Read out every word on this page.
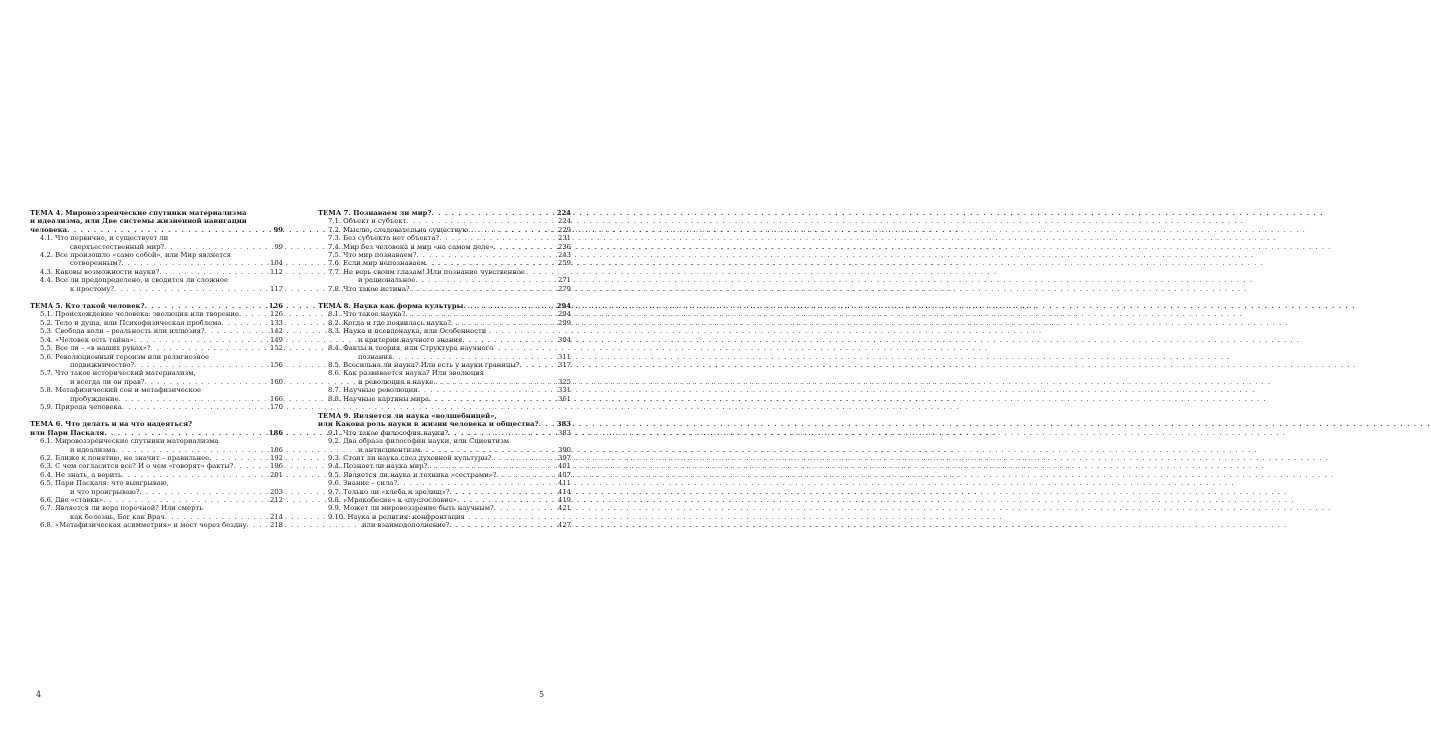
ТЕМА 4. Мировоззренческие спутники материализма
и идеализма, или Две системы жизненной навигации
человека . . .	99
4.1. Что первично, и существует ли
сверхъестественный мир? . . .	99
4.2. Все произошло «само собой», или Мир является
сотворенным? . . .	104
4.3. Каковы возможности науки? . . .	112
4.4. Все ли предопределено, и сводится ли сложное
к простому? . . .	117
ТЕМА 5. Кто такой человек? . . .	126
5.1. Происхождение человека: эволюция или творение . . .	126
5.2. Тело и душа, или Психофизическая проблема . . .	133
5.3. Свобода воли – реальность или иллюзия? . . .	142
5.4. «Человек есть тайна» . . .	149
5.5. Все ли – «в наших руках»? . . .	152
5.6. Революционный героизм или религиозное
подвижничество? . . .	156
5.7. Что такое исторический материализм,
и всегда ли он прав? . . .	160
5.8. Метафизический сон и метафизическое
пробуждение . . .	166
5.9. Природа человека . . .	170
ТЕМА 6. Что делать и на что надеяться?
или Пари Паскаля . . .	186
6.1. Мировоззренческие спутники материализма
и идеализма . . .	186
6.2. Ближе к понятию, не значит – правильнее . . .	192
6.3. С чем согласится все? И о чем «говорят» факты? . . .	196
6.4. Не знать, а верить . . .	201
6.5. Пари Паскаля: что выигрываю,
и что проигрываю? . . .	203
6.6. Две «ставки» . . .	212
6.7. Является ли вера порочной? Или смерть
как болезнь, Бог как Врач . . .	214
6.8. «Метафизическая асимметрия» и мост через бездну . . .	218
ТЕМА 7. Познаваем ли мир? . . .	224
7.1. Объект и субъект . . .	224
7.2. Мыслю, следовательно существую . . .	229
7.3. Без субъекта нет объекта? . . .	231
7.4. Мир без человека и мир «на самом деле» . . .	236
7.5. Что мир познаваем? . . .	243
7.6. Если мир непознаваем . . .	259
7.7. Не верь своим глазам! Или познание чувственное
и рациональное . . .	271
7.8. Что такое истина? . . .	279
ТЕМА 8. Наука как форма культуры . . .	294
8.1. Что такое наука? . . .	294
8.2. Когда и где появилась наука? . . .	299
8.3. Наука и псевдонаука, или Особенности
и критерии научного знания . . .	304
8.4. Факты и теория, или Структура научного
познания . . .	311
8.5. Всесильна ли наука? Или есть у науки границы? . . .	317
8.6. Как развивается наука? Или эволюция
и революция в науке . . .	325
8.7. Научные революции . . .	331
8.8. Научные картины мира . . .	361
ТЕМА 9. Является ли наука «волшебницей»,
или Какова роль науки в жизни человека и общества? . . .	383
9.1. Что такое философия науки? . . .	383
9.2. Два образа философии науки, или Сциентизм
и антисциентизм . . .	390
9.3. Стоит ли наука слез духовной культуры? . . .	397
9.4. Познает ли наука мир? . . .	401
9.5. Является ли наука и техника «сестрами»? . . .	407
9.6. Знание – сила? . . .	411
9.7. Только ли «хлеба и зрелищ»? . . .	414
9.8. «Мракобесие» в «пустословие» . . .	419
9.9. Может ли мировоззрение быть научным? . . .	421
9.10. Наука и религия: конфронтация
или взаимодополнение? . . .	427
4	5
